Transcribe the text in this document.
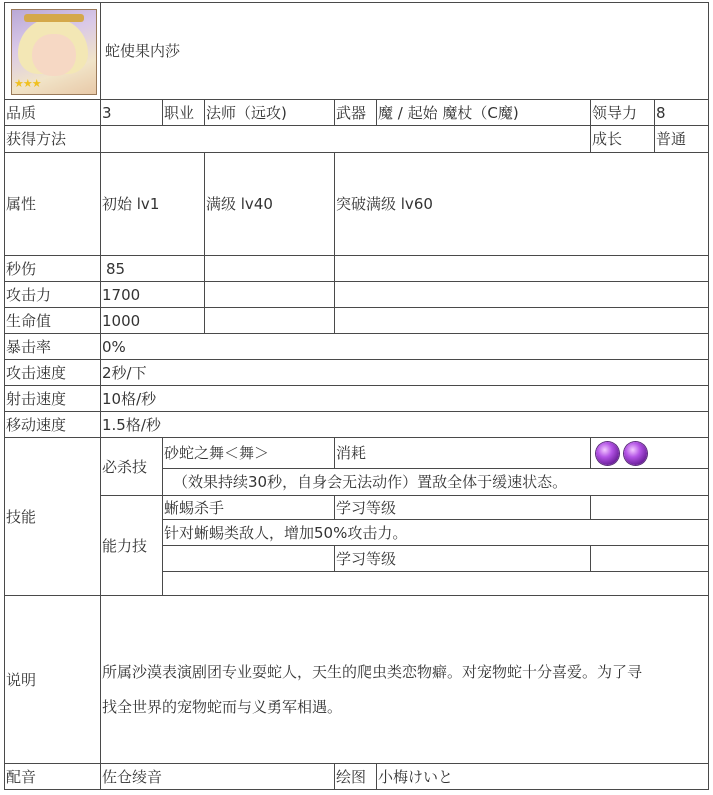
★★★	蛇使果内莎						
品质	3	职业	法师（远攻)	武器	魔 / 起始 魔杖（C魔)	领导力	8
获得方法						成长	普通
属性	初始 lv1		满级 lv40	突破满级 lv60			
秒伤	85						
攻击力	1700						
生命值	1000						
暴击率	0%						
攻击速度	2秒/下						
射击速度	10格/秒						
移动速度	1.5格/秒						
技能	必杀技	砂蛇之舞＜舞＞		消耗			
		（效果持续30秒，自身会无法动作）置敌全体于缓速状态。					
	能力技	蜥蜴杀手		学习等级			
		针对蜥蜴类敌人，增加50%攻击力。					
				学习等级			

说明	所属沙漠表演剧团专业耍蛇人，天生的爬虫类恋物癖。对宠物蛇十分喜爱。为了寻
找全世界的宠物蛇而与义勇军相遇。						

配音	佐仓绫音			绘图	小梅けいと		
